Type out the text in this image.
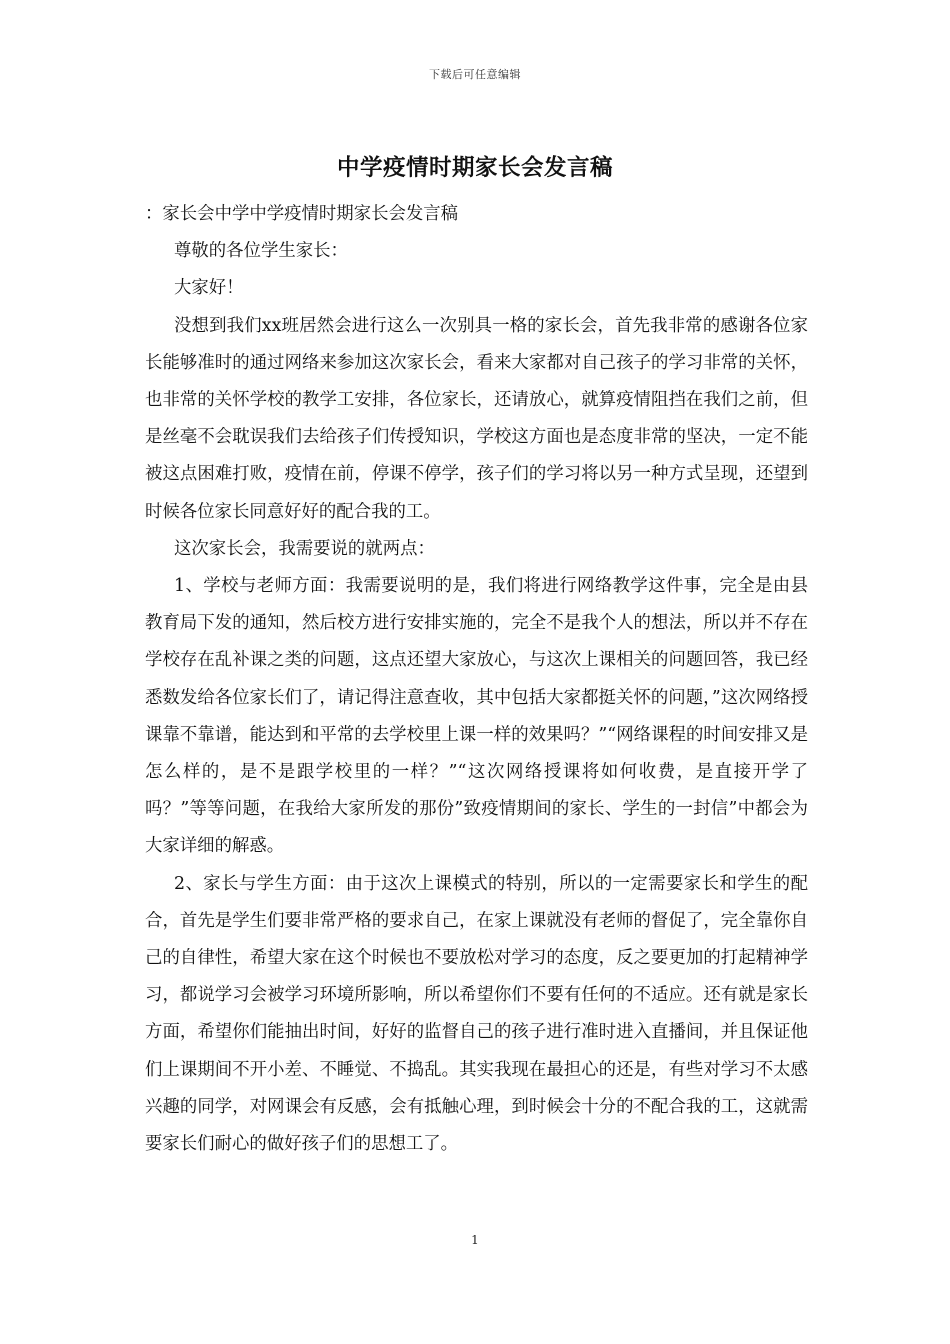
下载后可任意编辑
中学疫情时期家长会发言稿

：家长会中学中学疫情时期家长会发言稿

尊敬的各位学生家长：

大家好！

没想到我们xx班居然会进行这么一次别具一格的家长会，首先我非常的感谢各位家长能够准时的通过网络来参加这次家长会，看来大家都对自己孩子的学习非常的关怀，也非常的关怀学校的教学工安排，各位家长，还请放心，就算疫情阻挡在我们之前，但是丝毫不会耽误我们去给孩子们传授知识，学校这方面也是态度非常的坚决，一定不能被这点困难打败，疫情在前，停课不停学，孩子们的学习将以另一种方式呈现，还望到时候各位家长同意好好的配合我的工。

这次家长会，我需要说的就两点：

1、学校与老师方面：我需要说明的是，我们将进行网络教学这件事，完全是由县教育局下发的通知，然后校方进行安排实施的，完全不是我个人的想法，所以并不存在学校存在乱补课之类的问题，这点还望大家放心，与这次上课相关的问题回答，我已经悉数发给各位家长们了，请记得注意查收，其中包括大家都挺关怀的问题，”这次网络授课靠不靠谱，能达到和平常的去学校里上课一样的效果吗？”“网络课程的时间安排又是怎么样的，是不是跟学校里的一样？”“这次网络授课将如何收费，是直接开学了吗？”等等问题，在我给大家所发的那份”致疫情期间的家长、学生的一封信”中都会为大家详细的解惑。

2、家长与学生方面：由于这次上课模式的特别，所以的一定需要家长和学生的配合，首先是学生们要非常严格的要求自己，在家上课就没有老师的督促了，完全靠你自己的自律性，希望大家在这个时候也不要放松对学习的态度，反之要更加的打起精神学习，都说学习会被学习环境所影响，所以希望你们不要有任何的不适应。还有就是家长方面，希望你们能抽出时间，好好的监督自己的孩子进行准时进入直播间，并且保证他们上课期间不开小差、不睡觉、不捣乱。其实我现在最担心的还是，有些对学习不太感兴趣的同学，对网课会有反感，会有抵触心理，到时候会十分的不配合我的工，这就需要家长们耐心的做好孩子们的思想工了。

1
